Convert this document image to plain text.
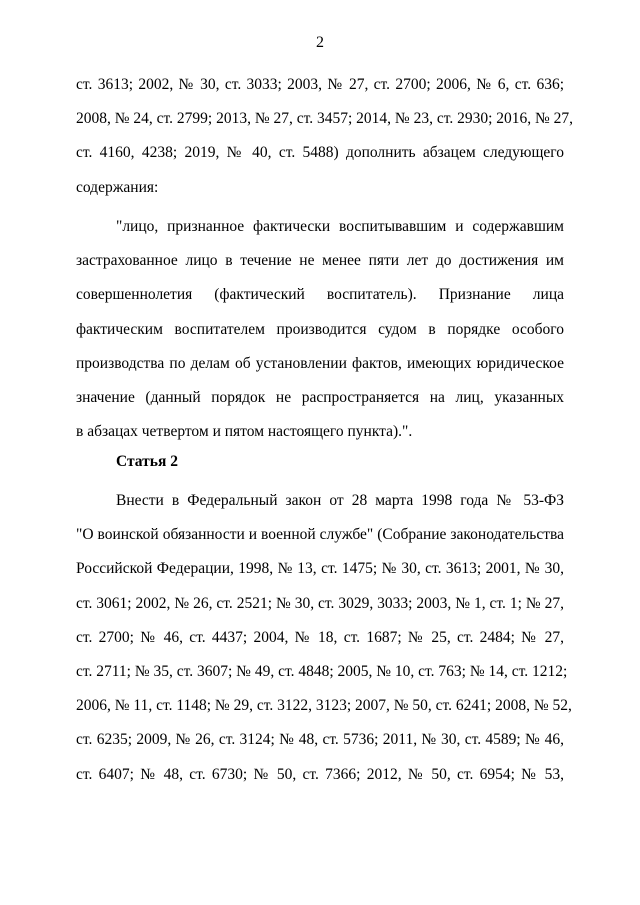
2
ст. 3613; 2002, № 30, ст. 3033; 2003, № 27, ст. 2700; 2006, № 6, ст. 636;
2008, № 24, ст. 2799; 2013, № 27, ст. 3457; 2014, № 23, ст. 2930; 2016, № 27,
ст. 4160, 4238; 2019, № 40, ст. 5488) дополнить абзацем следующего
содержания:
"лицо, признанное фактически воспитывавшим и содержавшим
застрахованное лицо в течение не менее пяти лет до достижения им
совершеннолетия (фактический воспитатель). Признание лица
фактическим воспитателем производится судом в порядке особого
производства по делам об установлении фактов, имеющих юридическое
значение (данный порядок не распространяется на лиц, указанных
в абзацах четвертом и пятом настоящего пункта).".
Статья 2
Внести в Федеральный закон от 28 марта 1998 года № 53-ФЗ
"О воинской обязанности и военной службе" (Собрание законодательства
Российской Федерации, 1998, № 13, ст. 1475; № 30, ст. 3613; 2001, № 30,
ст. 3061; 2002, № 26, ст. 2521; № 30, ст. 3029, 3033; 2003, № 1, ст. 1; № 27,
ст. 2700; № 46, ст. 4437; 2004, № 18, ст. 1687; № 25, ст. 2484; № 27,
ст. 2711; № 35, ст. 3607; № 49, ст. 4848; 2005, № 10, ст. 763; № 14, ст. 1212;
2006, № 11, ст. 1148; № 29, ст. 3122, 3123; 2007, № 50, ст. 6241; 2008, № 52,
ст. 6235; 2009, № 26, ст. 3124; № 48, ст. 5736; 2011, № 30, ст. 4589; № 46,
ст. 6407; № 48, ст. 6730; № 50, ст. 7366; 2012, № 50, ст. 6954; № 53,
